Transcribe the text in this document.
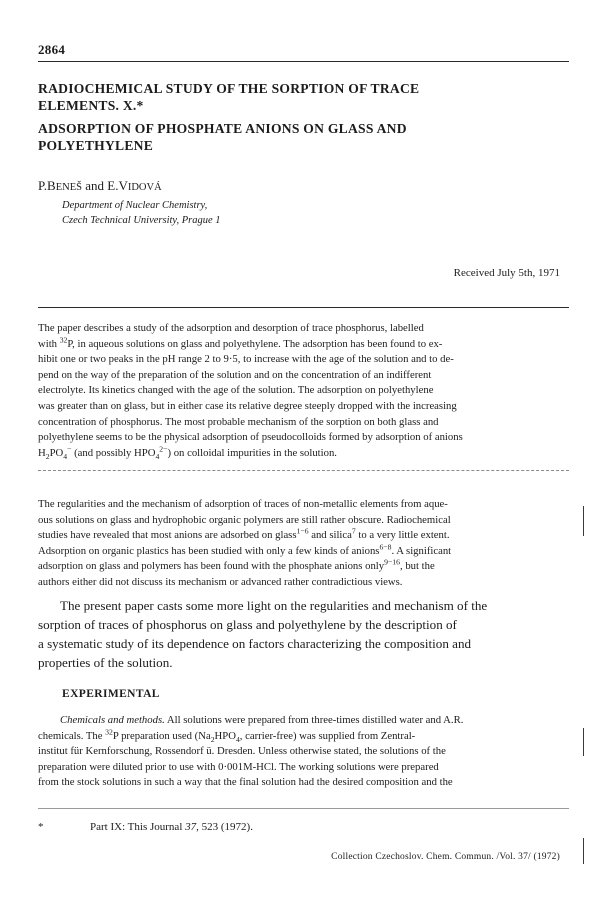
2864
RADIOCHEMICAL STUDY OF THE SORPTION OF TRACE
ELEMENTS. X.*
ADSORPTION OF PHOSPHATE ANIONS ON GLASS AND
POLYETHYLENE
P.BENEŠ and E.VIDOVÁ
Department of Nuclear Chemistry,
Czech Technical University, Prague 1
Received July 5th, 1971
The paper describes a study of the adsorption and desorption of trace phosphorus, labelled
with $^{32}$P, in aqueous solutions on glass and polyethylene. The adsorption has been found to ex-
hibit one or two peaks in the pH range 2 to 9·5, to increase with the age of the solution and to de-
pend on the way of the preparation of the solution and on the concentration of an indifferent
electrolyte. Its kinetics changed with the age of the solution. The adsorption on polyethylene
was greater than on glass, but in either case its relative degree steeply dropped with the increasing
concentration of phosphorus. The most probable mechanism of the sorption on both glass and
polyethylene seems to be the physical adsorption of pseudocolloids formed by adsorption of anions
$H_2PO_4^-$ (and possibly $HPO_4^{2-}$) on colloidal impurities in the solution.
The regularities and the mechanism of adsorption of traces of non-metallic elements from aque-
ous solutions on glass and hydrophobic organic polymers are still rather obscure. Radiochemical
studies have revealed that most anions are adsorbed on glass$^{1-6}$ and silica$^7$ to a very little extent.
Adsorption on organic plastics has been studied with only a few kinds of anions$^{6-8}$. A significant
adsorption on glass and polymers has been found with the phosphate anions only$^{9-16}$, but the
authors either did not discuss its mechanism or advanced rather contradictious views.
The present paper casts some more light on the regularities and mechanism of the
sorption of traces of phosphorus on glass and polyethylene by the description of
a systematic study of its dependence on factors characterizing the composition and
properties of the solution.
EXPERIMENTAL
Chemicals and methods. All solutions were prepared from three-times distilled water and A.R.
chemicals. The $^{32}$P preparation used ($Na_2HPO_4$, carrier-free) was supplied from Zentral-
institut für Kernforschung, Rossendorf ü. Dresden. Unless otherwise stated, the solutions of the
preparation were diluted prior to use with 0·001M-HCl. The working solutions were prepared
from the stock solutions in such a way that the final solution had the desired composition and the
*	Part IX: This Journal 37, 523 (1972).
Collection Czechoslov. Chem. Commun. /Vol. 37/ (1972)
